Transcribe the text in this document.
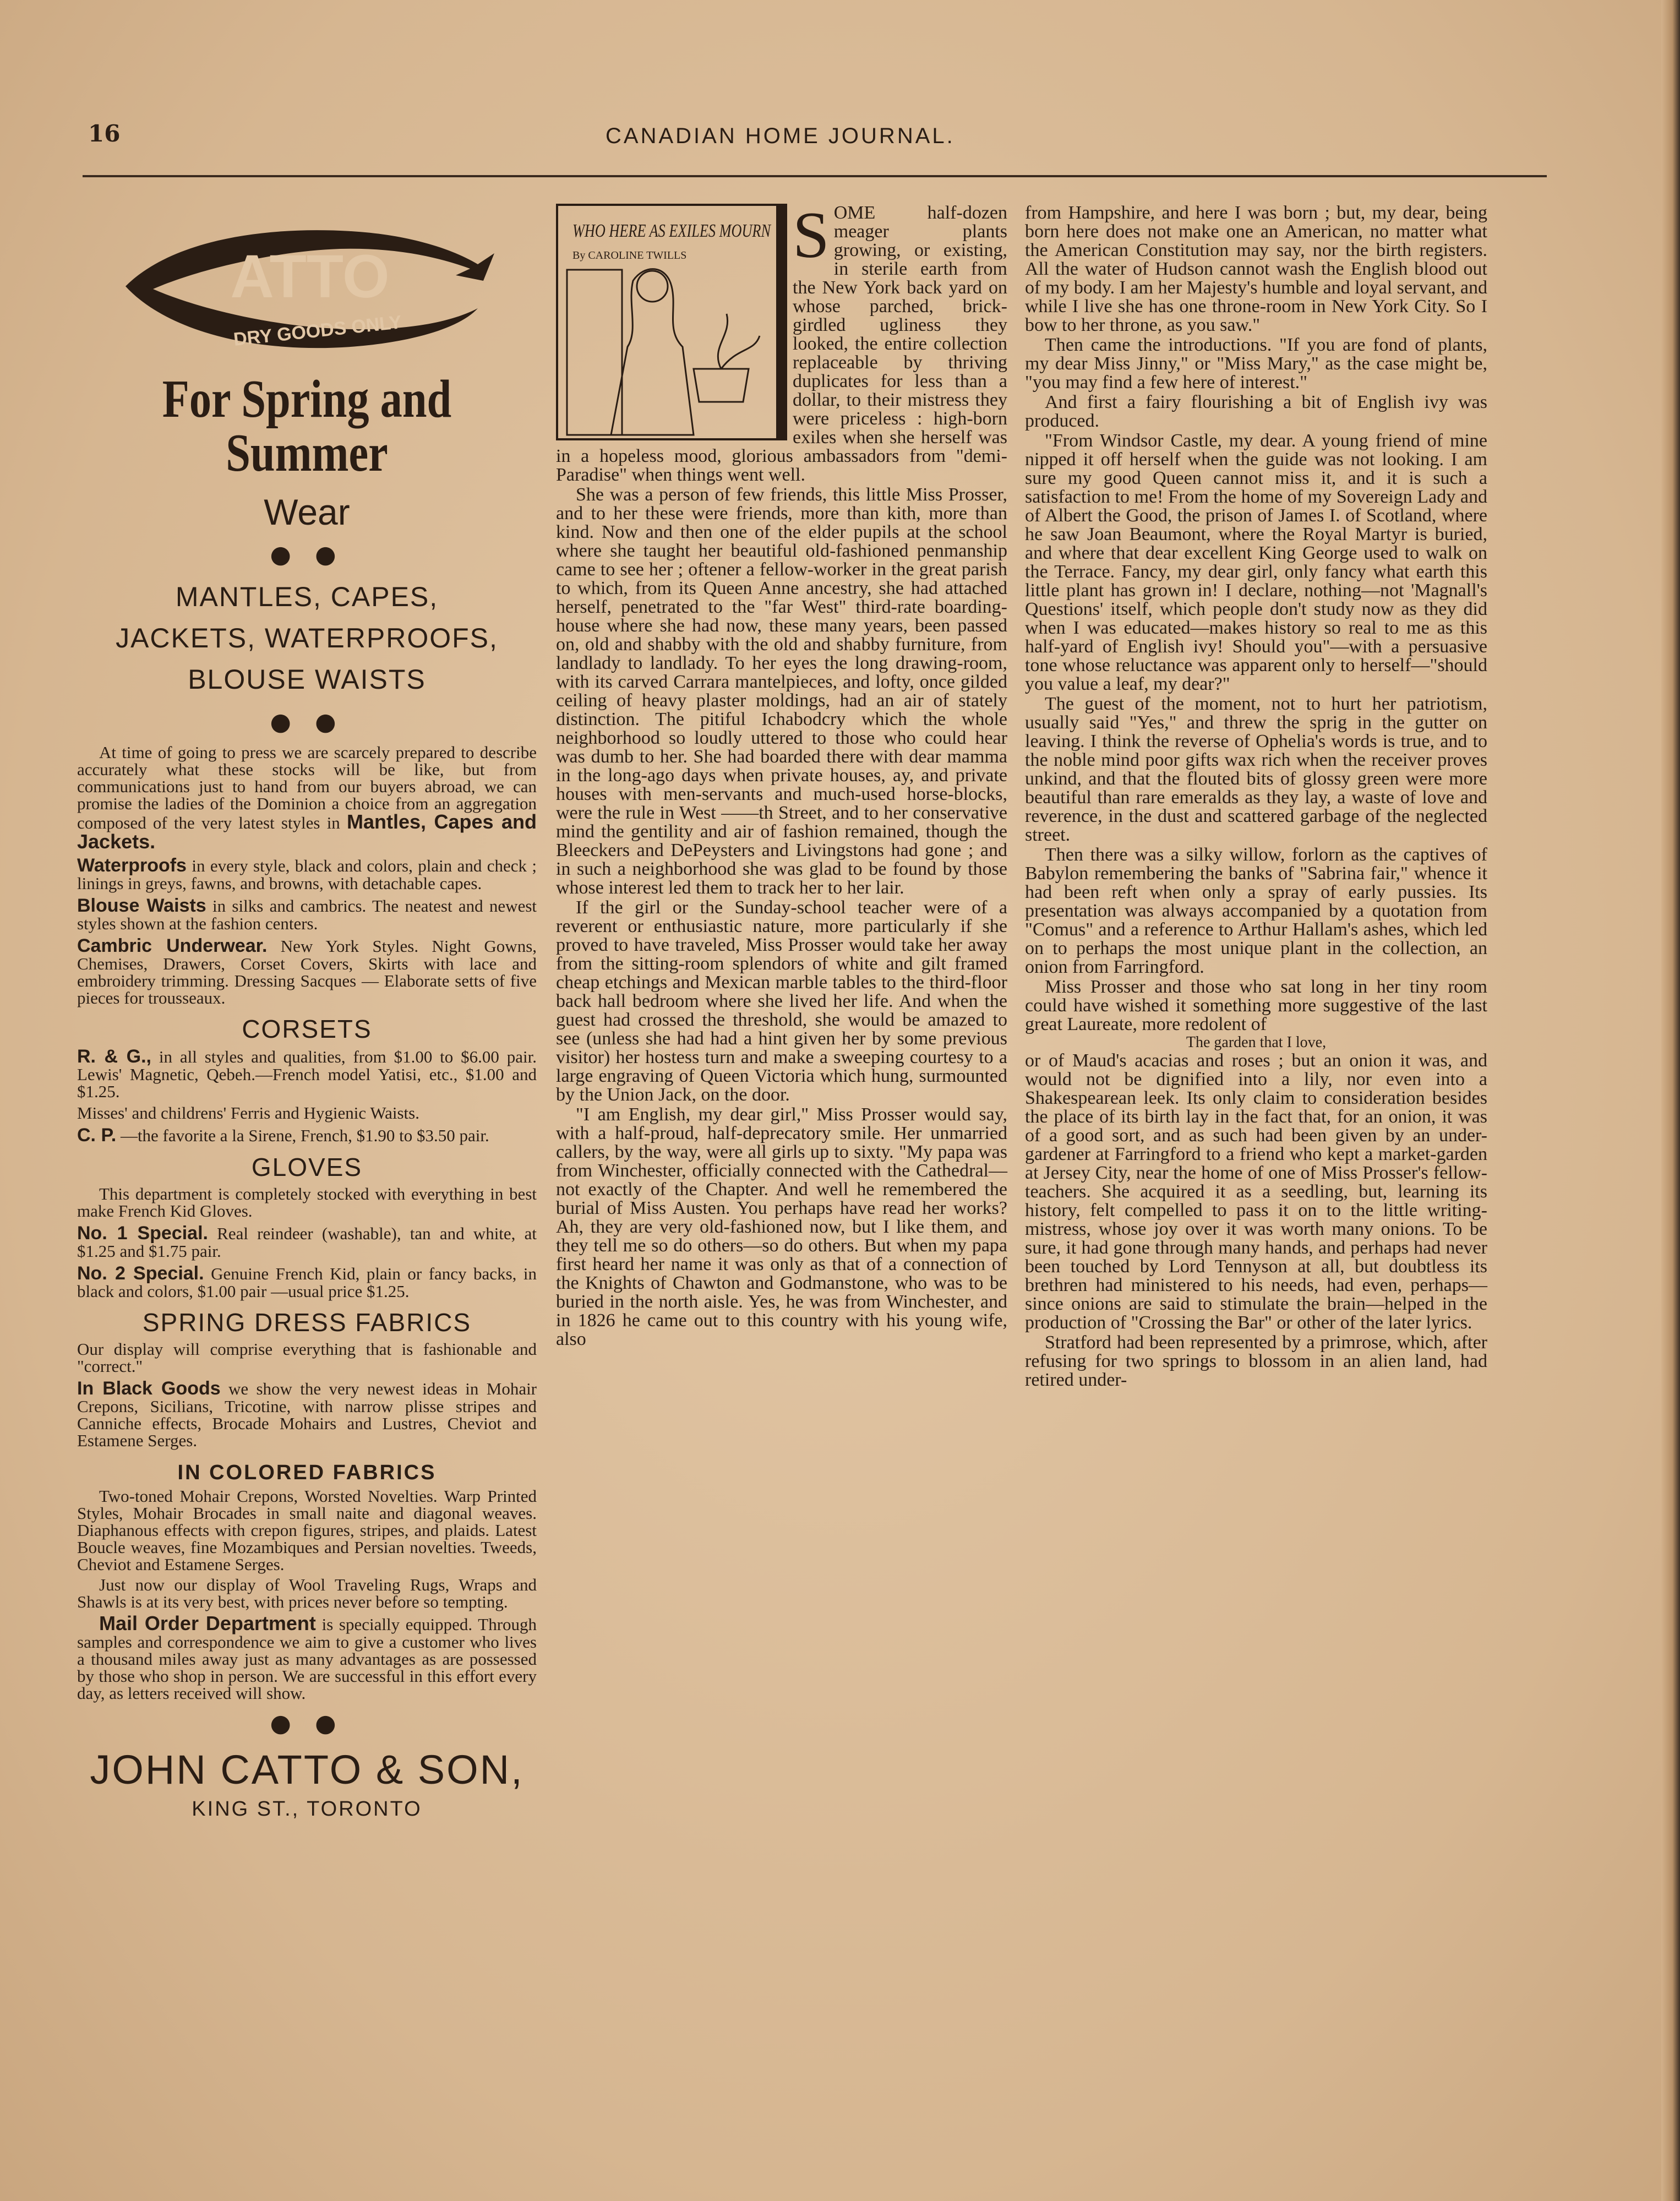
16	CANADIAN HOME JOURNAL.
ATTO
DRY GOODS ONLY
For Spring and Summer
Wear
● ●
MANTLES, CAPES,
JACKETS, WATERPROOFS,
BLOUSE WAISTS
● ●

At time of going to press we are scarcely prepared to describe accurately what these stocks will be like, but from communications just to hand from our buyers abroad, we can promise the ladies of the Dominion a choice from an aggregation composed of the very latest styles in Mantles, Capes and Jackets.

Waterproofs in every style, black and colors, plain and check ; linings in greys, fawns, and browns, with detachable capes.
Blouse Waists in silks and cambrics. The neatest and newest styles shown at the fashion centers.
Cambric Underwear. New York Styles. Night Gowns, Chemises, Drawers, Corset Covers, Skirts with lace and embroidery trimming. Dressing Sacques — Elaborate setts of five pieces for trousseaux.
CORSETS
R. & G., in all styles and qualities, from $1.00 to $6.00 pair. Lewis' Magnetic, Qebeh.—French model Yatisi, etc., $1.00 and $1.25.
Misses' and childrens' Ferris and Hygienic Waists.
C. P. —the favorite a la Sirene, French, $1.90 to $3.50 pair.
GLOVES

This department is completely stocked with everything in best make French Kid Gloves.

No. 1 Special. Real reindeer (washable), tan and white, at $1.25 and $1.75 pair.
No. 2 Special. Genuine French Kid, plain or fancy backs, in black and colors, $1.00 pair —usual price $1.25.
SPRING DRESS FABRICS

Our display will comprise everything that is fashionable and "correct."

In Black Goods we show the very newest ideas in Mohair Crepons, Sicilians, Tricotine, with narrow plisse stripes and Canniche effects, Brocade Mohairs and Lustres, Cheviot and Estamene Serges.
IN COLORED FABRICS

Two-toned Mohair Crepons, Worsted Novelties. Warp Printed Styles, Mohair Brocades in small naite and diagonal weaves. Diaphanous effects with crepon figures, stripes, and plaids. Latest Boucle weaves, fine Mozambiques and Persian novelties. Tweeds, Cheviot and Estamene Serges.

Just now our display of Wool Traveling Rugs, Wraps and Shawls is at its very best, with prices never before so tempting.

Mail Order Department is specially equipped. Through samples and correspondence we aim to give a customer who lives a thousand miles away just as many advantages as are possessed by those who shop in person. We are successful in this effort every day, as letters received will show.

● ●
JOHN CATTO & SON,
KING ST., TORONTO
WHO HERE AS EXILES MOURN
By CAROLINE TWILLS S OME half-dozen meager plants growing, or existing, in sterile earth from the New York back yard on whose parched, brick-girdled ugliness they looked, the entire collection replaceable by thriving duplicates for less than a dollar, to their mistress they were priceless : high-born exiles when she herself was in a hopeless mood, glorious ambassadors from "demi-Paradise" when things went well.

She was a person of few friends, this little Miss Prosser, and to her these were friends, more than kith, more than kind. Now and then one of the elder pupils at the school where she taught her beautiful old-fashioned penmanship came to see her ; oftener a fellow-worker in the great parish to which, from its Queen Anne ancestry, she had attached herself, penetrated to the "far West" third-rate boarding-house where she had now, these many years, been passed on, old and shabby with the old and shabby furniture, from landlady to landlady. To her eyes the long drawing-room, with its carved Carrara mantelpieces, and lofty, once gilded ceiling of heavy plaster moldings, had an air of stately distinction. The pitiful Ichabodcry which the whole neighborhood so loudly uttered to those who could hear was dumb to her. She had boarded there with dear mamma in the long-ago days when private houses, ay, and private houses with men-servants and much-used horse-blocks, were the rule in West ——th Street, and to her conservative mind the gentility and air of fashion remained, though the Bleeckers and DePeysters and Livingstons had gone ; and in such a neighborhood she was glad to be found by those whose interest led them to track her to her lair.

If the girl or the Sunday-school teacher were of a reverent or enthusiastic nature, more particularly if she proved to have traveled, Miss Prosser would take her away from the sitting-room splendors of white and gilt framed cheap etchings and Mexican marble tables to the third-floor back hall bedroom where she lived her life. And when the guest had crossed the threshold, she would be amazed to see (unless she had had a hint given her by some previous visitor) her hostess turn and make a sweeping courtesy to a large engraving of Queen Victoria which hung, surmounted by the Union Jack, on the door.

"I am English, my dear girl," Miss Prosser would say, with a half-proud, half-deprecatory smile. Her unmarried callers, by the way, were all girls up to sixty. "My papa was from Winchester, officially connected with the Cathedral—not exactly of the Chapter. And well he remembered the burial of Miss Austen. You perhaps have read her works? Ah, they are very old-fashioned now, but I like them, and they tell me so do others—so do others. But when my papa first heard her name it was only as that of a connection of the Knights of Chawton and Godmanstone, who was to be buried in the north aisle. Yes, he was from Winchester, and in 1826 he came out to this country with his young wife, also

from Hampshire, and here I was born ; but, my dear, being born here does not make one an American, no matter what the American Constitution may say, nor the birth registers. All the water of Hudson cannot wash the English blood out of my body. I am her Majesty's humble and loyal servant, and while I live she has one throne-room in New York City. So I bow to her throne, as you saw."

Then came the introductions. "If you are fond of plants, my dear Miss Jinny," or "Miss Mary," as the case might be, "you may find a few here of interest."

And first a fairy flourishing a bit of English ivy was produced.

"From Windsor Castle, my dear. A young friend of mine nipped it off herself when the guide was not looking. I am sure my good Queen cannot miss it, and it is such a satisfaction to me! From the home of my Sovereign Lady and of Albert the Good, the prison of James I. of Scotland, where he saw Joan Beaumont, where the Royal Martyr is buried, and where that dear excellent King George used to walk on the Terrace. Fancy, my dear girl, only fancy what earth this little plant has grown in! I declare, nothing—not 'Magnall's Questions' itself, which people don't study now as they did when I was educated—makes history so real to me as this half-yard of English ivy! Should you"—with a persuasive tone whose reluctance was apparent only to herself—"should you value a leaf, my dear?"

The guest of the moment, not to hurt her patriotism, usually said "Yes," and threw the sprig in the gutter on leaving. I think the reverse of Ophelia's words is true, and to the noble mind poor gifts wax rich when the receiver proves unkind, and that the flouted bits of glossy green were more beautiful than rare emeralds as they lay, a waste of love and reverence, in the dust and scattered garbage of the neglected street.

Then there was a silky willow, forlorn as the captives of Babylon remembering the banks of "Sabrina fair," whence it had been reft when only a spray of early pussies. Its presentation was always accompanied by a quotation from "Comus" and a reference to Arthur Hallam's ashes, which led on to perhaps the most unique plant in the collection, an onion from Farringford.

Miss Prosser and those who sat long in her tiny room could have wished it something more suggestive of the last great Laureate, more redolent of

The garden that I love,

or of Maud's acacias and roses ; but an onion it was, and would not be dignified into a lily, nor even into a Shakespearean leek. Its only claim to consideration besides the place of its birth lay in the fact that, for an onion, it was of a good sort, and as such had been given by an under-gardener at Farringford to a friend who kept a market-garden at Jersey City, near the home of one of Miss Prosser's fellow-teachers. She acquired it as a seedling, but, learning its history, felt compelled to pass it on to the little writing-mistress, whose joy over it was worth many onions. To be sure, it had gone through many hands, and perhaps had never been touched by Lord Tennyson at all, but doubtless its brethren had ministered to his needs, had even, perhaps—since onions are said to stimulate the brain—helped in the production of "Crossing the Bar" or other of the later lyrics.

Stratford had been represented by a primrose, which, after refusing for two springs to blossom in an alien land, had retired under-
